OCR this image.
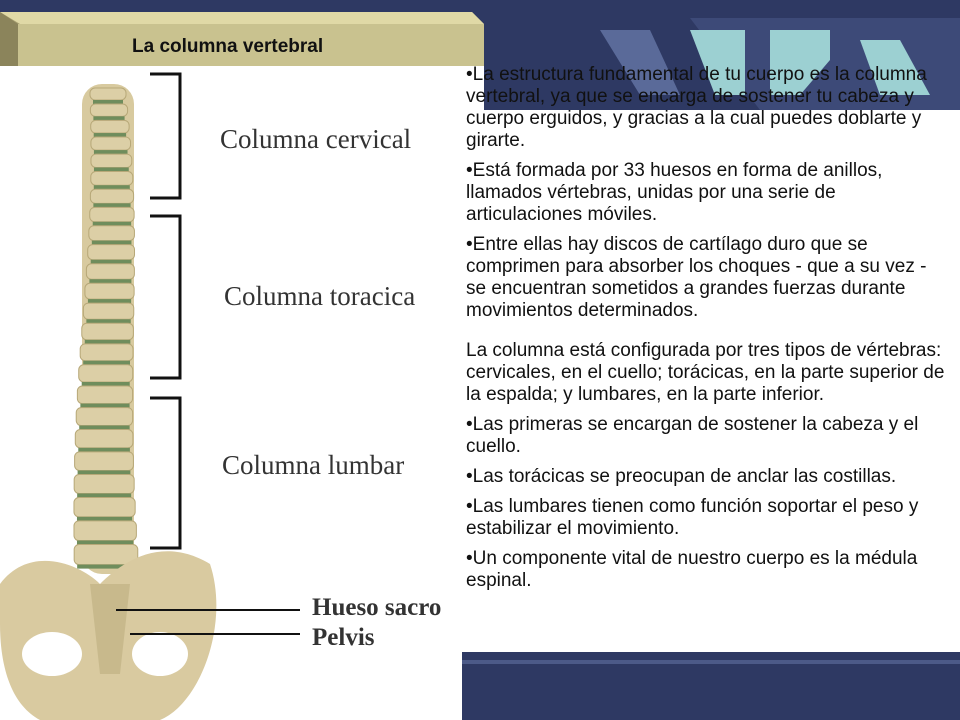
La columna vertebral
Columna cervical
Columna toracica
Columna lumbar
Hueso sacro
Pelvis

•La estructura fundamental de tu cuerpo es la columna vertebral, ya que se encarga de sostener tu cabeza y cuerpo erguidos, y gracias a la cual puedes doblarte y girarte.

•Está formada por 33 huesos en forma de anillos, llamados vértebras, unidas por una serie de articulaciones móviles.

•Entre ellas hay discos de cartílago duro que se comprimen para absorber los choques - que a su vez - se encuentran sometidos a grandes fuerzas durante movimientos determinados.

La columna está configurada por tres tipos de vértebras: cervicales, en el cuello; torácicas, en la parte superior de la espalda; y lumbares, en la parte inferior.

•Las primeras se encargan de sostener la cabeza y el cuello.

•Las torácicas se preocupan de anclar las costillas.

•Las lumbares tienen como función soportar el peso y estabilizar el movimiento.

•Un componente vital de nuestro cuerpo es la médula espinal.
